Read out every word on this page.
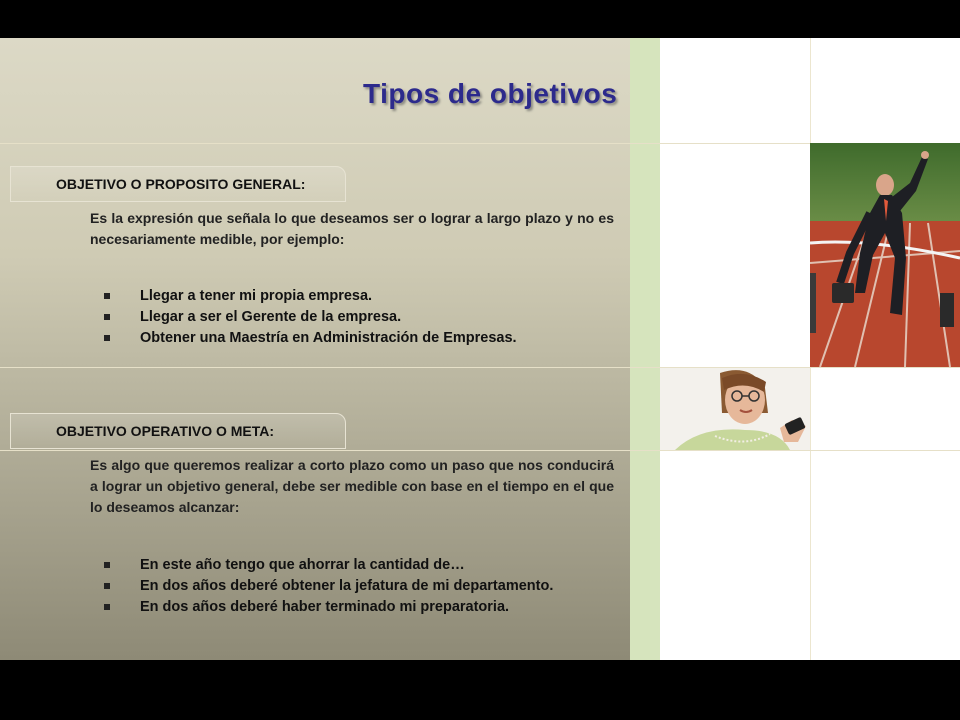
Tipos de objetivos
OBJETIVO O PROPOSITO GENERAL:
Es la expresión que señala lo que deseamos ser o lograr a largo plazo y no es necesariamente medible, por ejemplo:
Llegar a tener mi propia empresa.
Llegar a ser el Gerente de la empresa.
Obtener una Maestría en Administración de Empresas.
OBJETIVO OPERATIVO O META:
Es algo que queremos realizar a corto plazo como un paso que nos conducirá a lograr un objetivo general, debe ser medible con base en el tiempo en el que lo deseamos alcanzar:
En este año tengo que ahorrar la cantidad de…
En dos años deberé obtener la jefatura de mi departamento.
En dos años deberé haber terminado mi preparatoria.
